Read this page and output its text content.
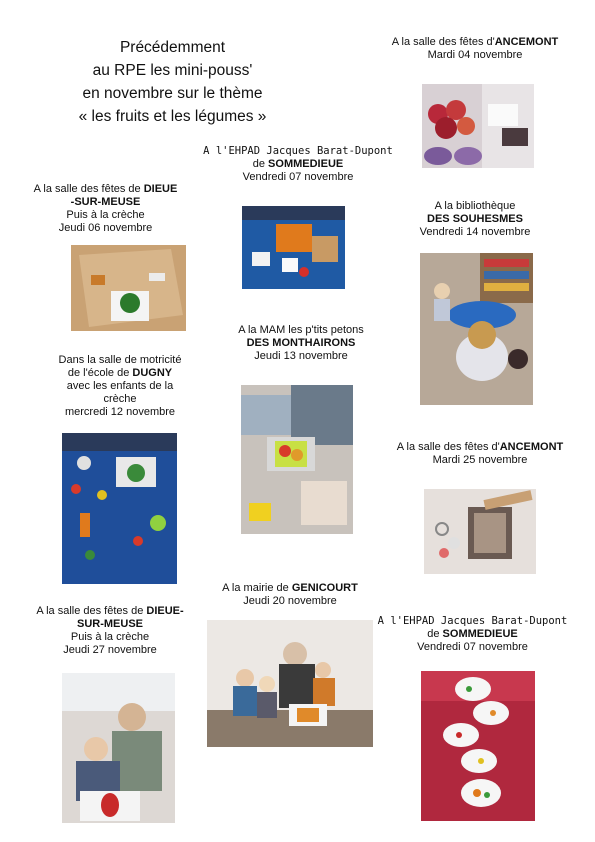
Précédemment
au RPE les mini-pouss'
en novembre sur le thème
« les fruits et les légumes »
A la salle des fêtes d'ANCEMONT
Mardi 04 novembre
A l'EHPAD Jacques Barat-Dupont
de SOMMEDIEUE
Vendredi 07 novembre
A la salle des fêtes de DIEUE
-SUR-MEUSE
Puis à la crèche
Jeudi 06 novembre
A la bibliothèque
DES SOUHESMES
Vendredi 14 novembre
A la MAM les p'tits petons
DES MONTHAIRONS
Jeudi 13 novembre
Dans la salle de motricité
de l'école de DUGNY
avec les enfants de la
crèche
mercredi 12 novembre
A la salle des fêtes d'ANCEMONT
Mardi 25 novembre
A la mairie de GENICOURT
Jeudi 20 novembre
A la salle des fêtes de DIEUE-
SUR-MEUSE
Puis à la crèche
Jeudi 27 novembre
A l'EHPAD Jacques Barat-Dupont
de SOMMEDIEUE
Vendredi 07 novembre
